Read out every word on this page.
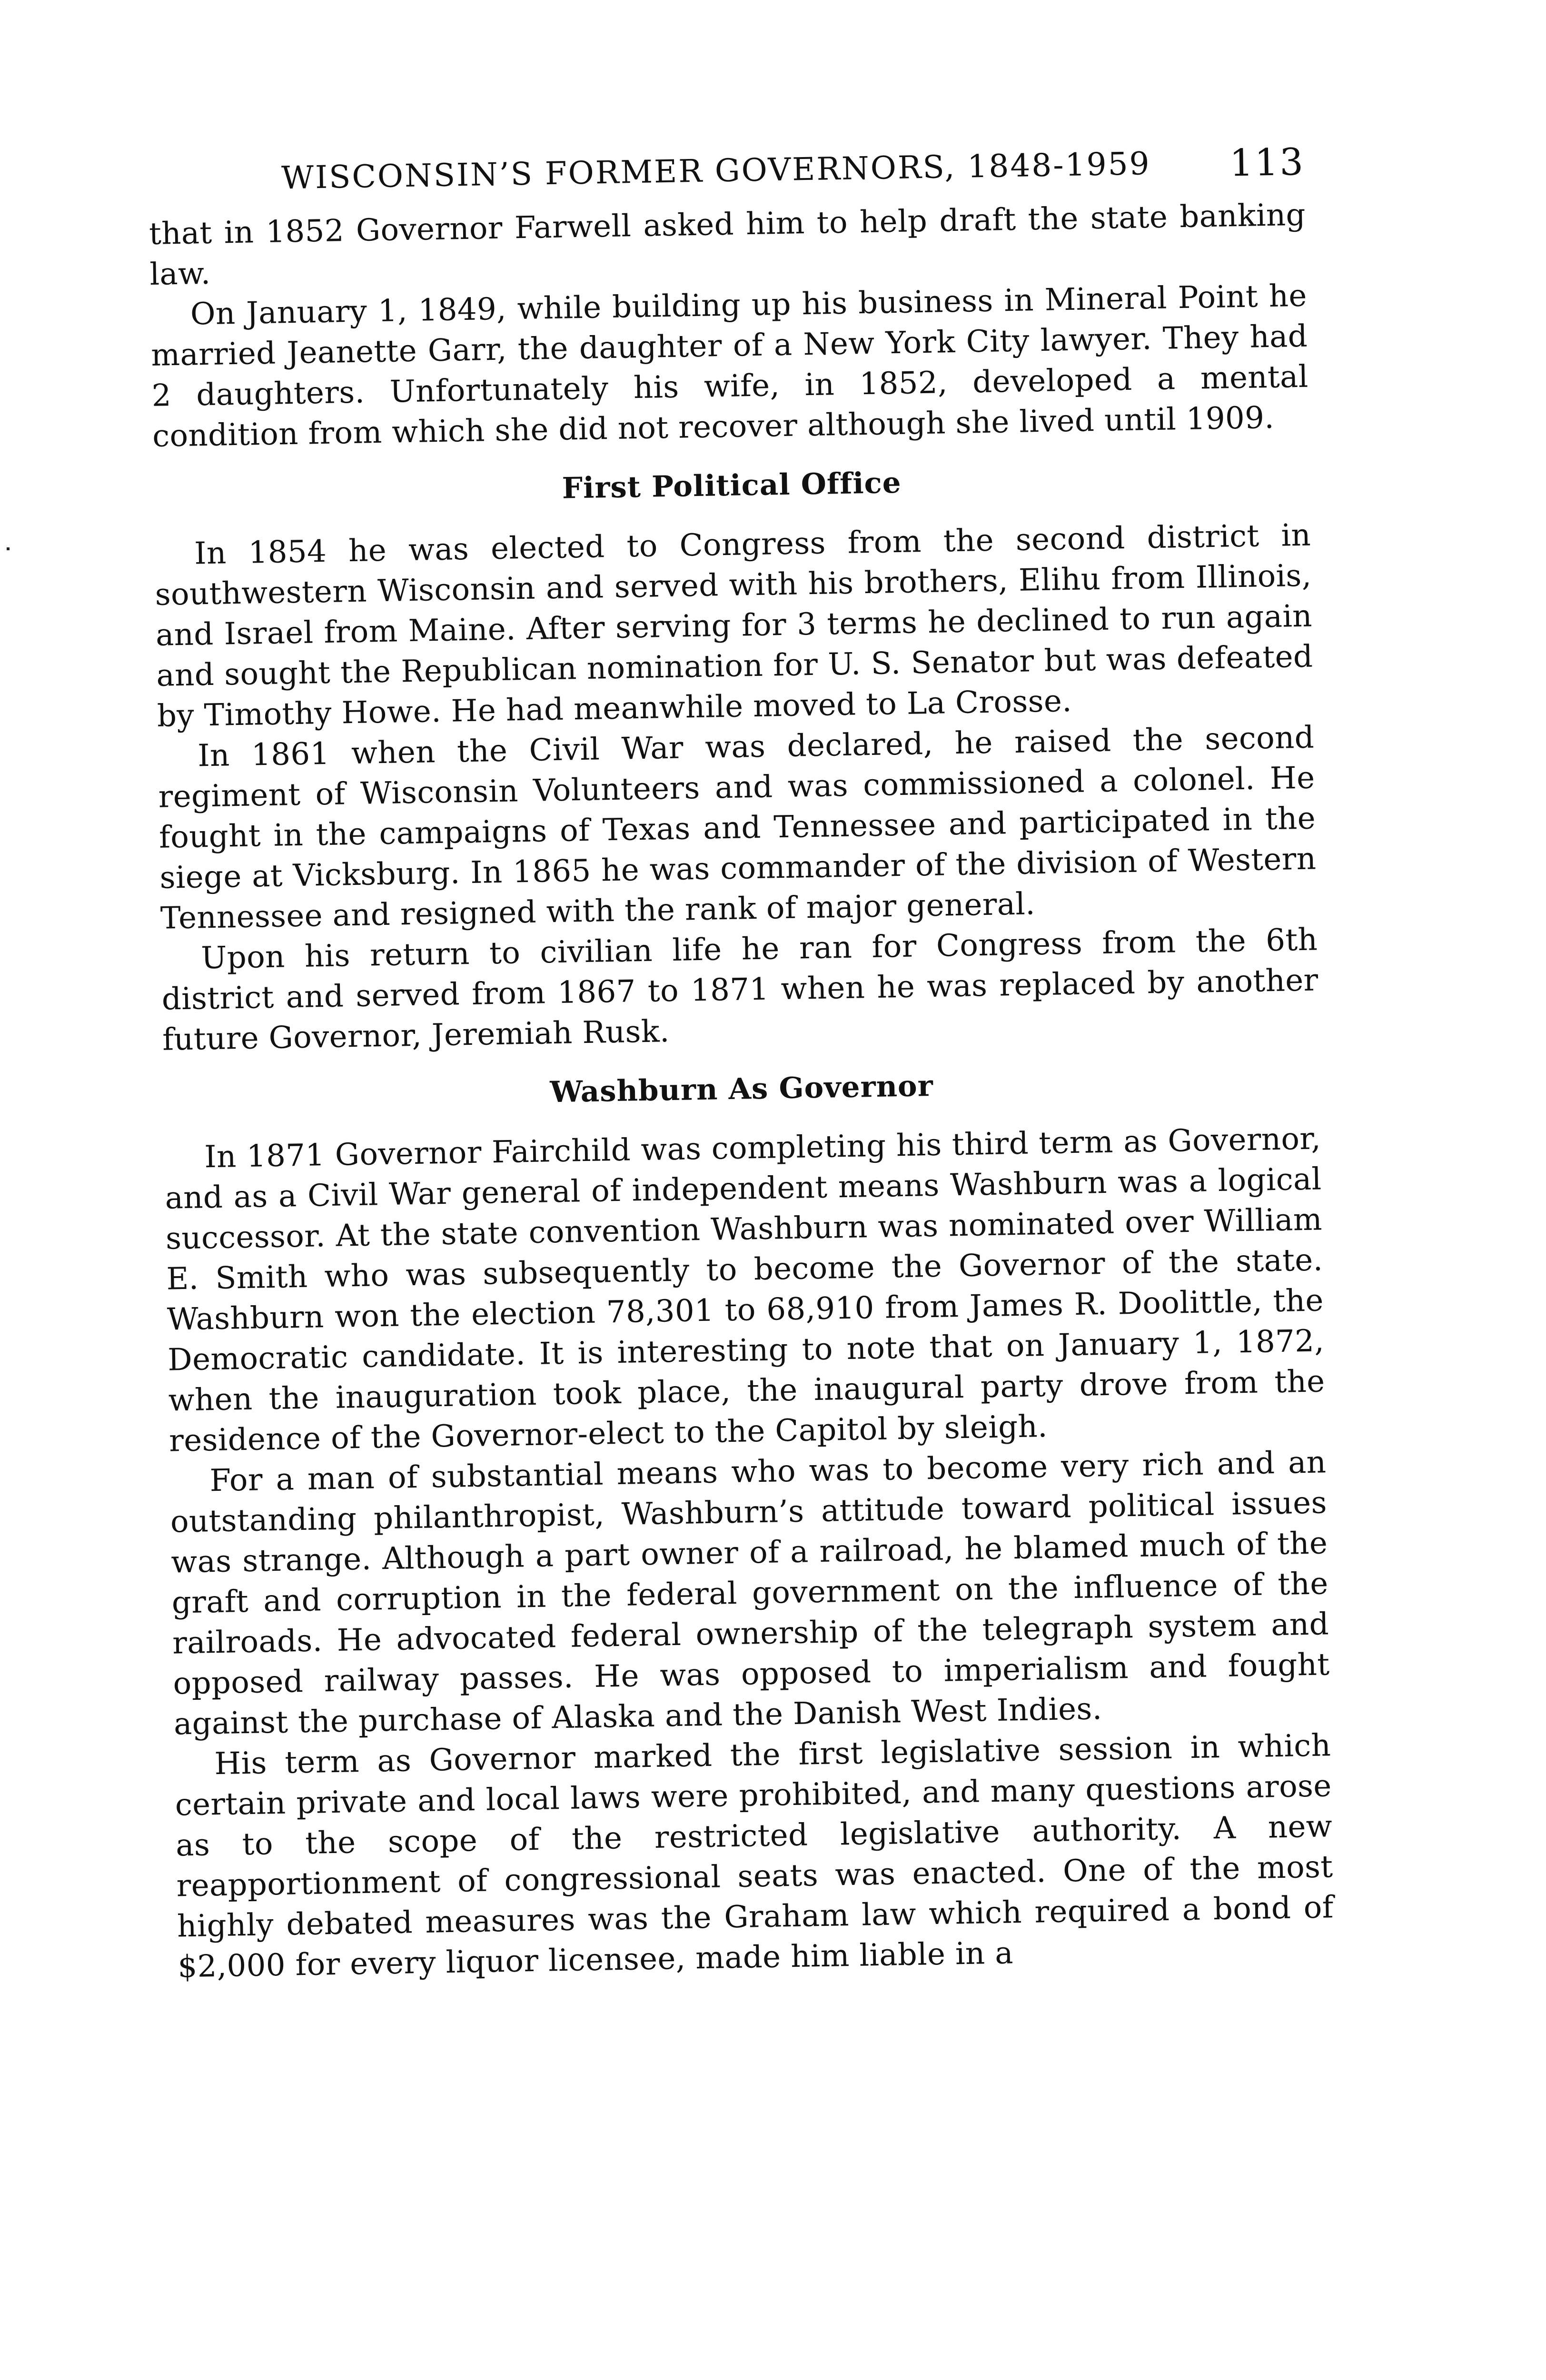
WISCONSIN’S FORMER GOVERNORS, 1848-1959 113

that in 1852 Governor Farwell asked him to help draft the state banking law.

On January 1, 1849, while building up his business in Mineral Point he married Jeanette Garr, the daughter of a New York City lawyer. They had 2 daughters. Unfortunately his wife, in 1852, developed a mental condition from which she did not recover although she lived until 1909.

First Political Office

In 1854 he was elected to Congress from the second district in southwestern Wisconsin and served with his brothers, Elihu from Illinois, and Israel from Maine. After serving for 3 terms he declined to run again and sought the Republican nomination for U. S. Senator but was defeated by Timothy Howe. He had meanwhile moved to La Crosse.

In 1861 when the Civil War was declared, he raised the second regiment of Wisconsin Volunteers and was commissioned a colonel. He fought in the campaigns of Texas and Tennessee and participated in the siege at Vicksburg. In 1865 he was commander of the division of Western Tennessee and resigned with the rank of major general.

Upon his return to civilian life he ran for Congress from the 6th district and served from 1867 to 1871 when he was replaced by another future Governor, Jeremiah Rusk.

Washburn As Governor

In 1871 Governor Fairchild was completing his third term as Governor, and as a Civil War general of independent means Washburn was a logical successor. At the state convention Washburn was nominated over William E. Smith who was subsequently to become the Governor of the state. Washburn won the election 78,301 to 68,910 from James R. Doolittle, the Democratic candidate. It is interesting to note that on January 1, 1872, when the inauguration took place, the inaugural party drove from the residence of the Governor-elect to the Capitol by sleigh.

For a man of substantial means who was to become very rich and an outstanding philanthropist, Washburn’s attitude toward political issues was strange. Although a part owner of a railroad, he blamed much of the graft and corruption in the federal government on the influence of the railroads. He advocated federal ownership of the telegraph system and opposed railway passes. He was opposed to imperialism and fought against the purchase of Alaska and the Danish West Indies.

His term as Governor marked the first legislative session in which certain private and local laws were prohibited, and many questions arose as to the scope of the restricted legislative authority. A new reapportionment of congressional seats was enacted. One of the most highly debated measures was the Graham law which required a bond of $2,000 for every liquor licensee, made him liable in a
